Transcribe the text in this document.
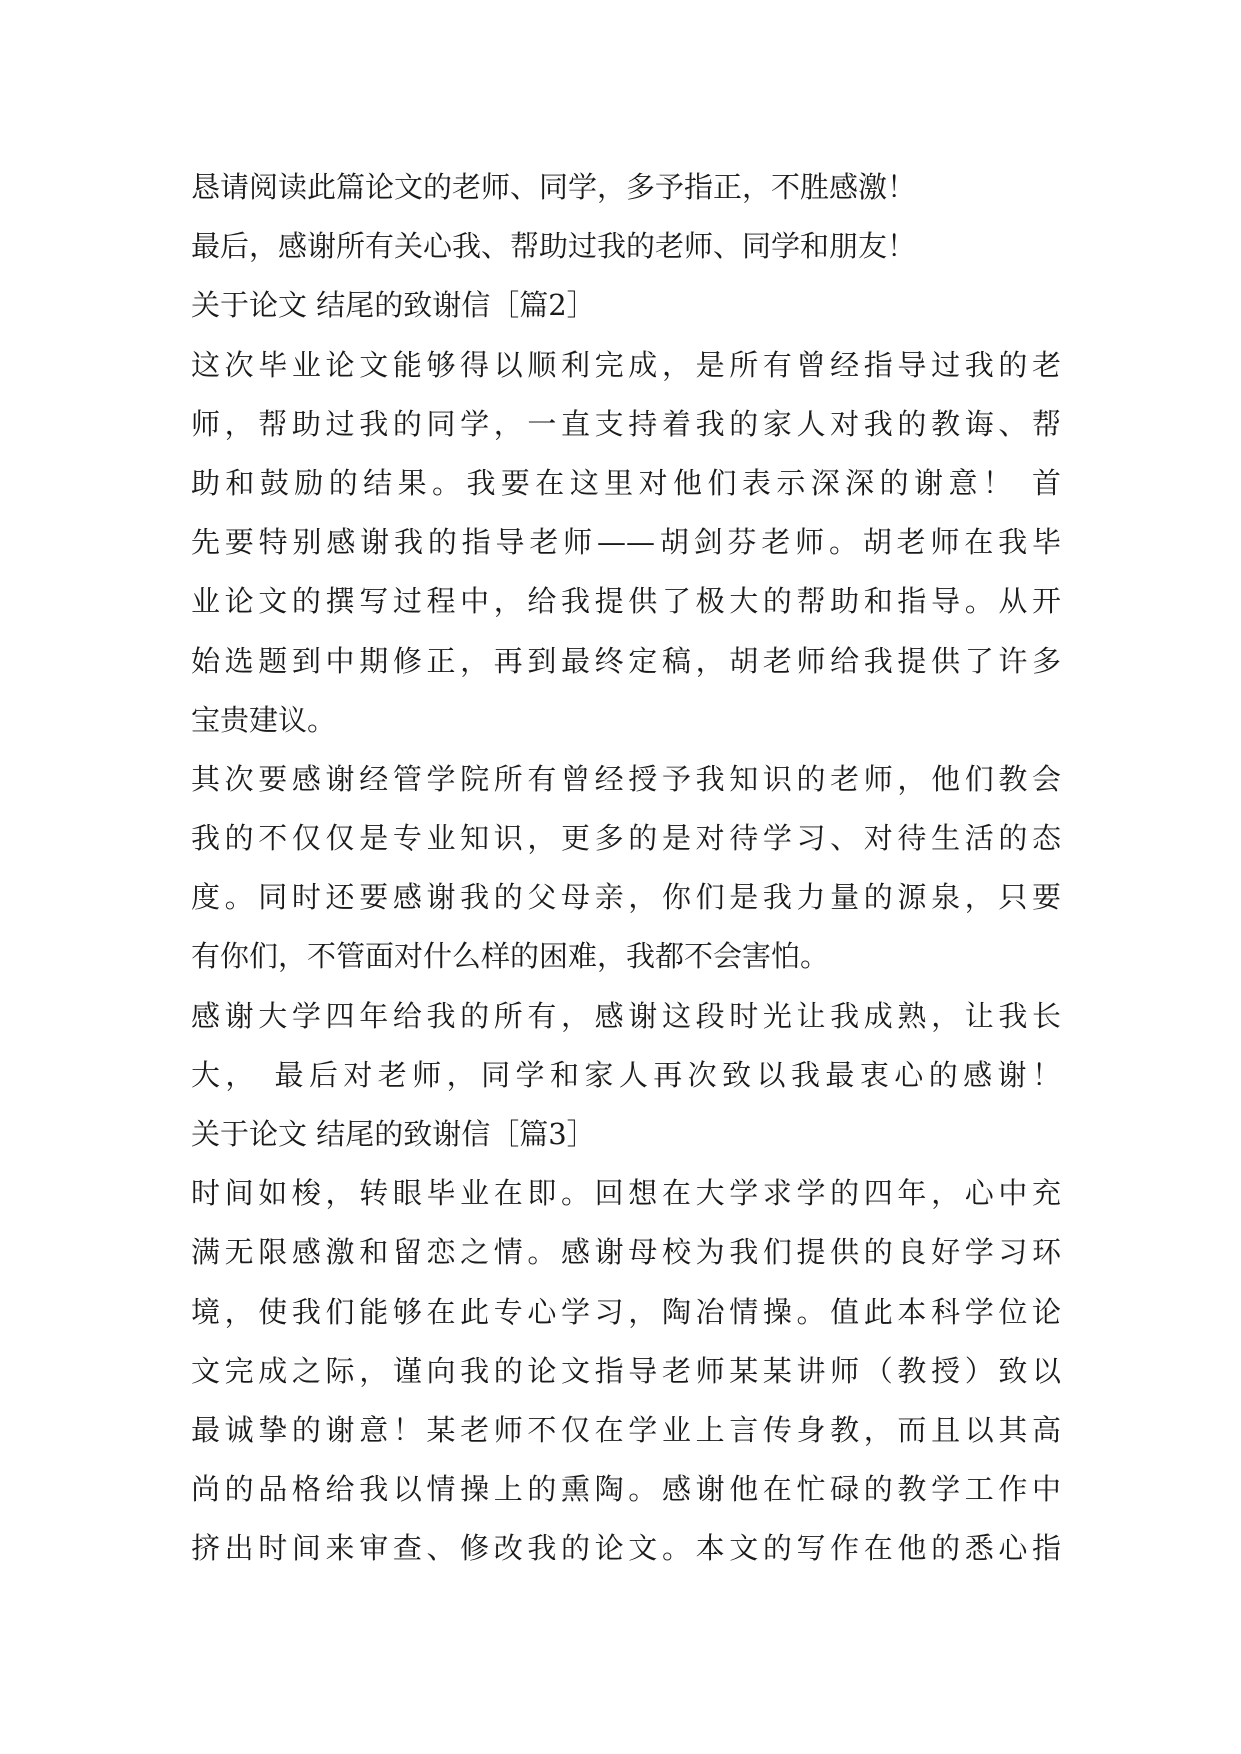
恳请阅读此篇论文的老师、同学，多予指正，不胜感激！
最后，感谢所有关心我、帮助过我的老师、同学和朋友！
关于论文 结尾的致谢信［篇2］
这次毕业论文能够得以顺利完成，是所有曾经指导过我的老
师，帮助过我的同学，一直支持着我的家人对我的教诲、帮
助和鼓励的结果。我要在这里对他们表示深深的谢意！ 首
先要特别感谢我的指导老师——胡剑芬老师。胡老师在我毕
业论文的撰写过程中，给我提供了极大的帮助和指导。从开
始选题到中期修正，再到最终定稿，胡老师给我提供了许多
宝贵建议。
其次要感谢经管学院所有曾经授予我知识的老师，他们教会
我的不仅仅是专业知识，更多的是对待学习、对待生活的态
度。同时还要感谢我的父母亲，你们是我力量的源泉，只要
有你们，不管面对什么样的困难，我都不会害怕。
感谢大学四年给我的所有，感谢这段时光让我成熟，让我长
大， 最后对老师，同学和家人再次致以我最衷心的感谢！
关于论文 结尾的致谢信［篇3］
时间如梭，转眼毕业在即。回想在大学求学的四年，心中充
满无限感激和留恋之情。感谢母校为我们提供的良好学习环
境，使我们能够在此专心学习，陶冶情操。值此本科学位论
文完成之际，谨向我的论文指导老师某某讲师（教授）致以
最诚挚的谢意！某老师不仅在学业上言传身教，而且以其高
尚的品格给我以情操上的熏陶。感谢他在忙碌的教学工作中
挤出时间来审查、修改我的论文。本文的写作在他的悉心指
